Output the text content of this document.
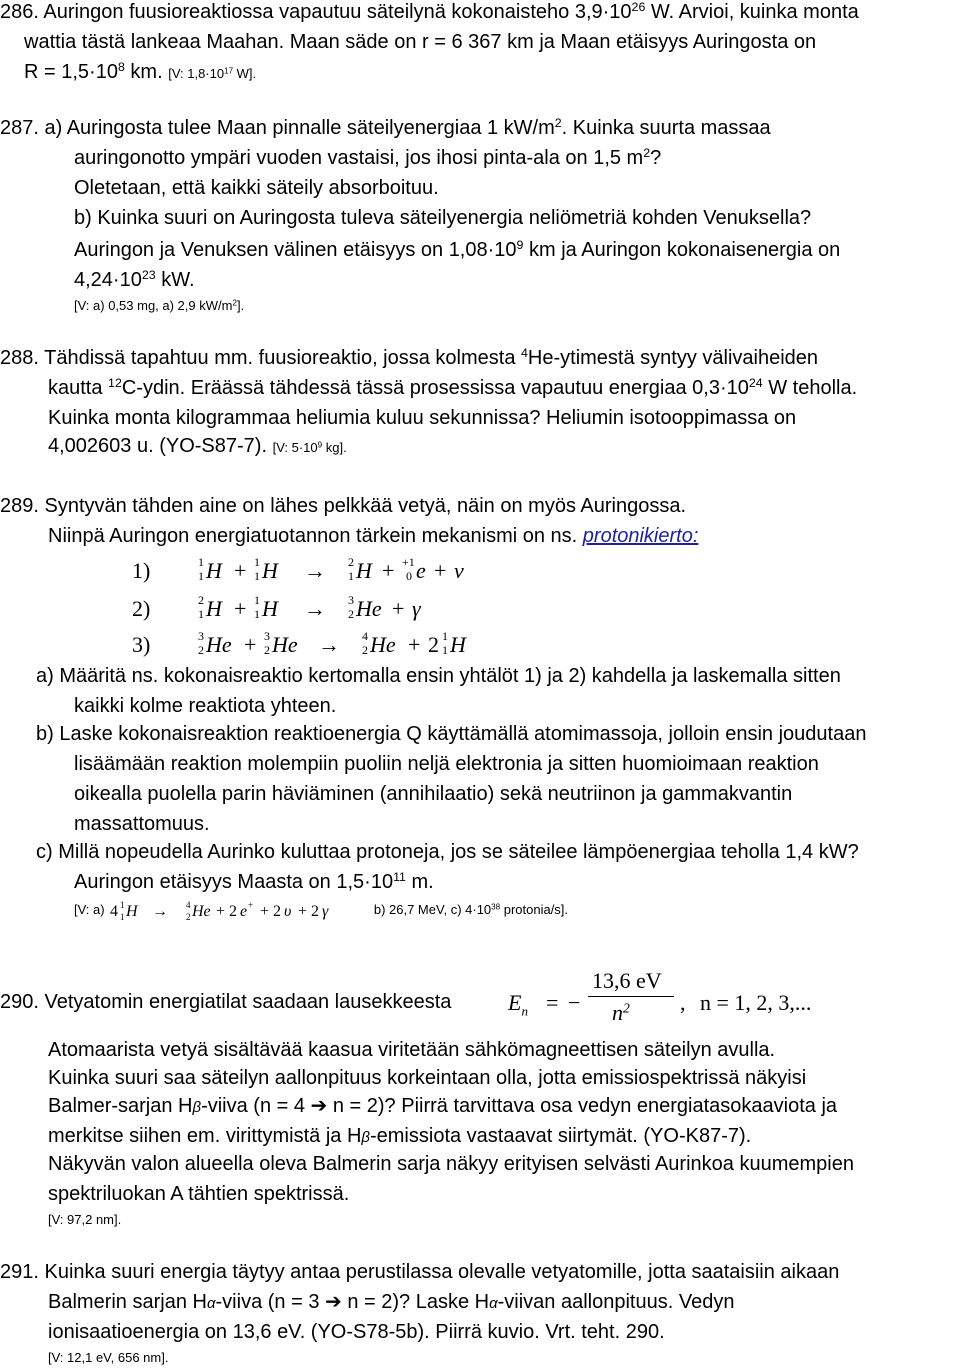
286. Auringon fuusioreaktiossa vapautuu säteilynä kokonaisteho $3,9\cdot 10^{26}$ W. Arvioi, kuinka monta
wattia tästä lankeaa Maahan. Maan säde on r = 6 367 km ja Maan etäisyys Auringosta on
$R = 1,5\cdot 10^8$ km. [V: $1,8\cdot 10^{17}$ W].
287. a) Auringosta tulee Maan pinnalle säteilyenergiaa 1 $kW/m^2$. Kuinka suurta massaa
auringonotto ympäri vuoden vastaisi, jos ihosi pinta-ala on 1,5 $m^2$?
Oletetaan, että kaikki säteily absorboituu.
b) Kuinka suuri on Auringosta tuleva säteilyenergia neliömetriä kohden Venuksella?
Auringon ja Venuksen välinen etäisyys on $1,08\cdot 10^9$ km ja Auringon kokonaisenergia on
$4,24\cdot 10^{23}$ kW.
[V: a) 0,53 mg, a) 2,9 $kW/m^2$].
288. Tähdissä tapahtuu mm. fuusioreaktio, jossa kolmesta $^4$He-ytimestä syntyy välivaiheiden
kautta $^{12}$C-ydin. Eräässä tähdessä tässä prosessissa vapautuu energiaa $0,3\cdot 10^{24}$ W teholla.
Kuinka monta kilogrammaa heliumia kuluu sekunnissa? Heliumin isotooppimassa on
4,002603 u. (YO-S87-7). [V: $5\cdot 10^9$ kg].
289. Syntyvän tähden aine on lähes pelkkää vetyä, näin on myös Auringossa.
Niinpä Auringon energiatuotannon tärkein mekanismi on ns. protonikierto:
1)	1
1 H + 1
1 H → 2
1 H + +1
0 e + ν
2)	2
1 H + 1
1 H → 3
2 He + γ
3)	3
2 He + 3
2 He → 4
2 He + 2 1
1 H
a) Määritä ns. kokonaisreaktio kertomalla ensin yhtälöt 1) ja 2) kahdella ja laskemalla sitten
kaikki kolme reaktiota yhteen.
b) Laske kokonaisreaktion reaktioenergia Q käyttämällä atomimassoja, jolloin ensin joudutaan
lisäämään reaktion molempiin puoliin neljä elektronia ja sitten huomioimaan reaktion
oikealla puolella parin häviäminen (annihilaatio) sekä neutriinon ja gammakvantin
massattomuus.
c) Millä nopeudella Aurinko kuluttaa protoneja, jos se säteilee lämpöenergiaa teholla 1,4 kW?
Auringon etäisyys Maasta on $1,5\cdot 10^{11}$ m.
[V: a) 4 1
1 H → 4
2 He + 2 e + + 2 υ + 2 γ	b) 26,7 MeV, c) $4\cdot 10^{38}$ protonia/s].
290. Vetyatomin energiatilat saadaan lausekkeesta	$E_n$ = −
13,6 eV
$n^2$ , n = 1, 2, 3,...
Atomaarista vetyä sisältävää kaasua viritetään sähkömagneettisen säteilyn avulla.
Kuinka suuri saa säteilyn aallonpituus korkeintaan olla, jotta emissiospektrissä näkyisi
Balmer-sarjan Hβ-viiva (n = 4 ➔ n = 2)? Piirrä tarvittava osa vedyn energiatasokaaviota ja
merkitse siihen em. virittymistä ja Hβ-emissiota vastaavat siirtymät. (YO-K87-7).
Näkyvän valon alueella oleva Balmerin sarja näkyy erityisen selvästi Aurinkoa kuumempien
spektriluokan A tähtien spektrissä.
[V: 97,2 nm].
291. Kuinka suuri energia täytyy antaa perustilassa olevalle vetyatomille, jotta saataisiin aikaan
Balmerin sarjan Hα-viiva (n = 3 ➔ n = 2)? Laske Hα-viivan aallonpituus. Vedyn
ionisaatioenergia on 13,6 eV. (YO-S78-5b). Piirrä kuvio. Vrt. teht. 290.
[V: 12,1 eV, 656 nm].
